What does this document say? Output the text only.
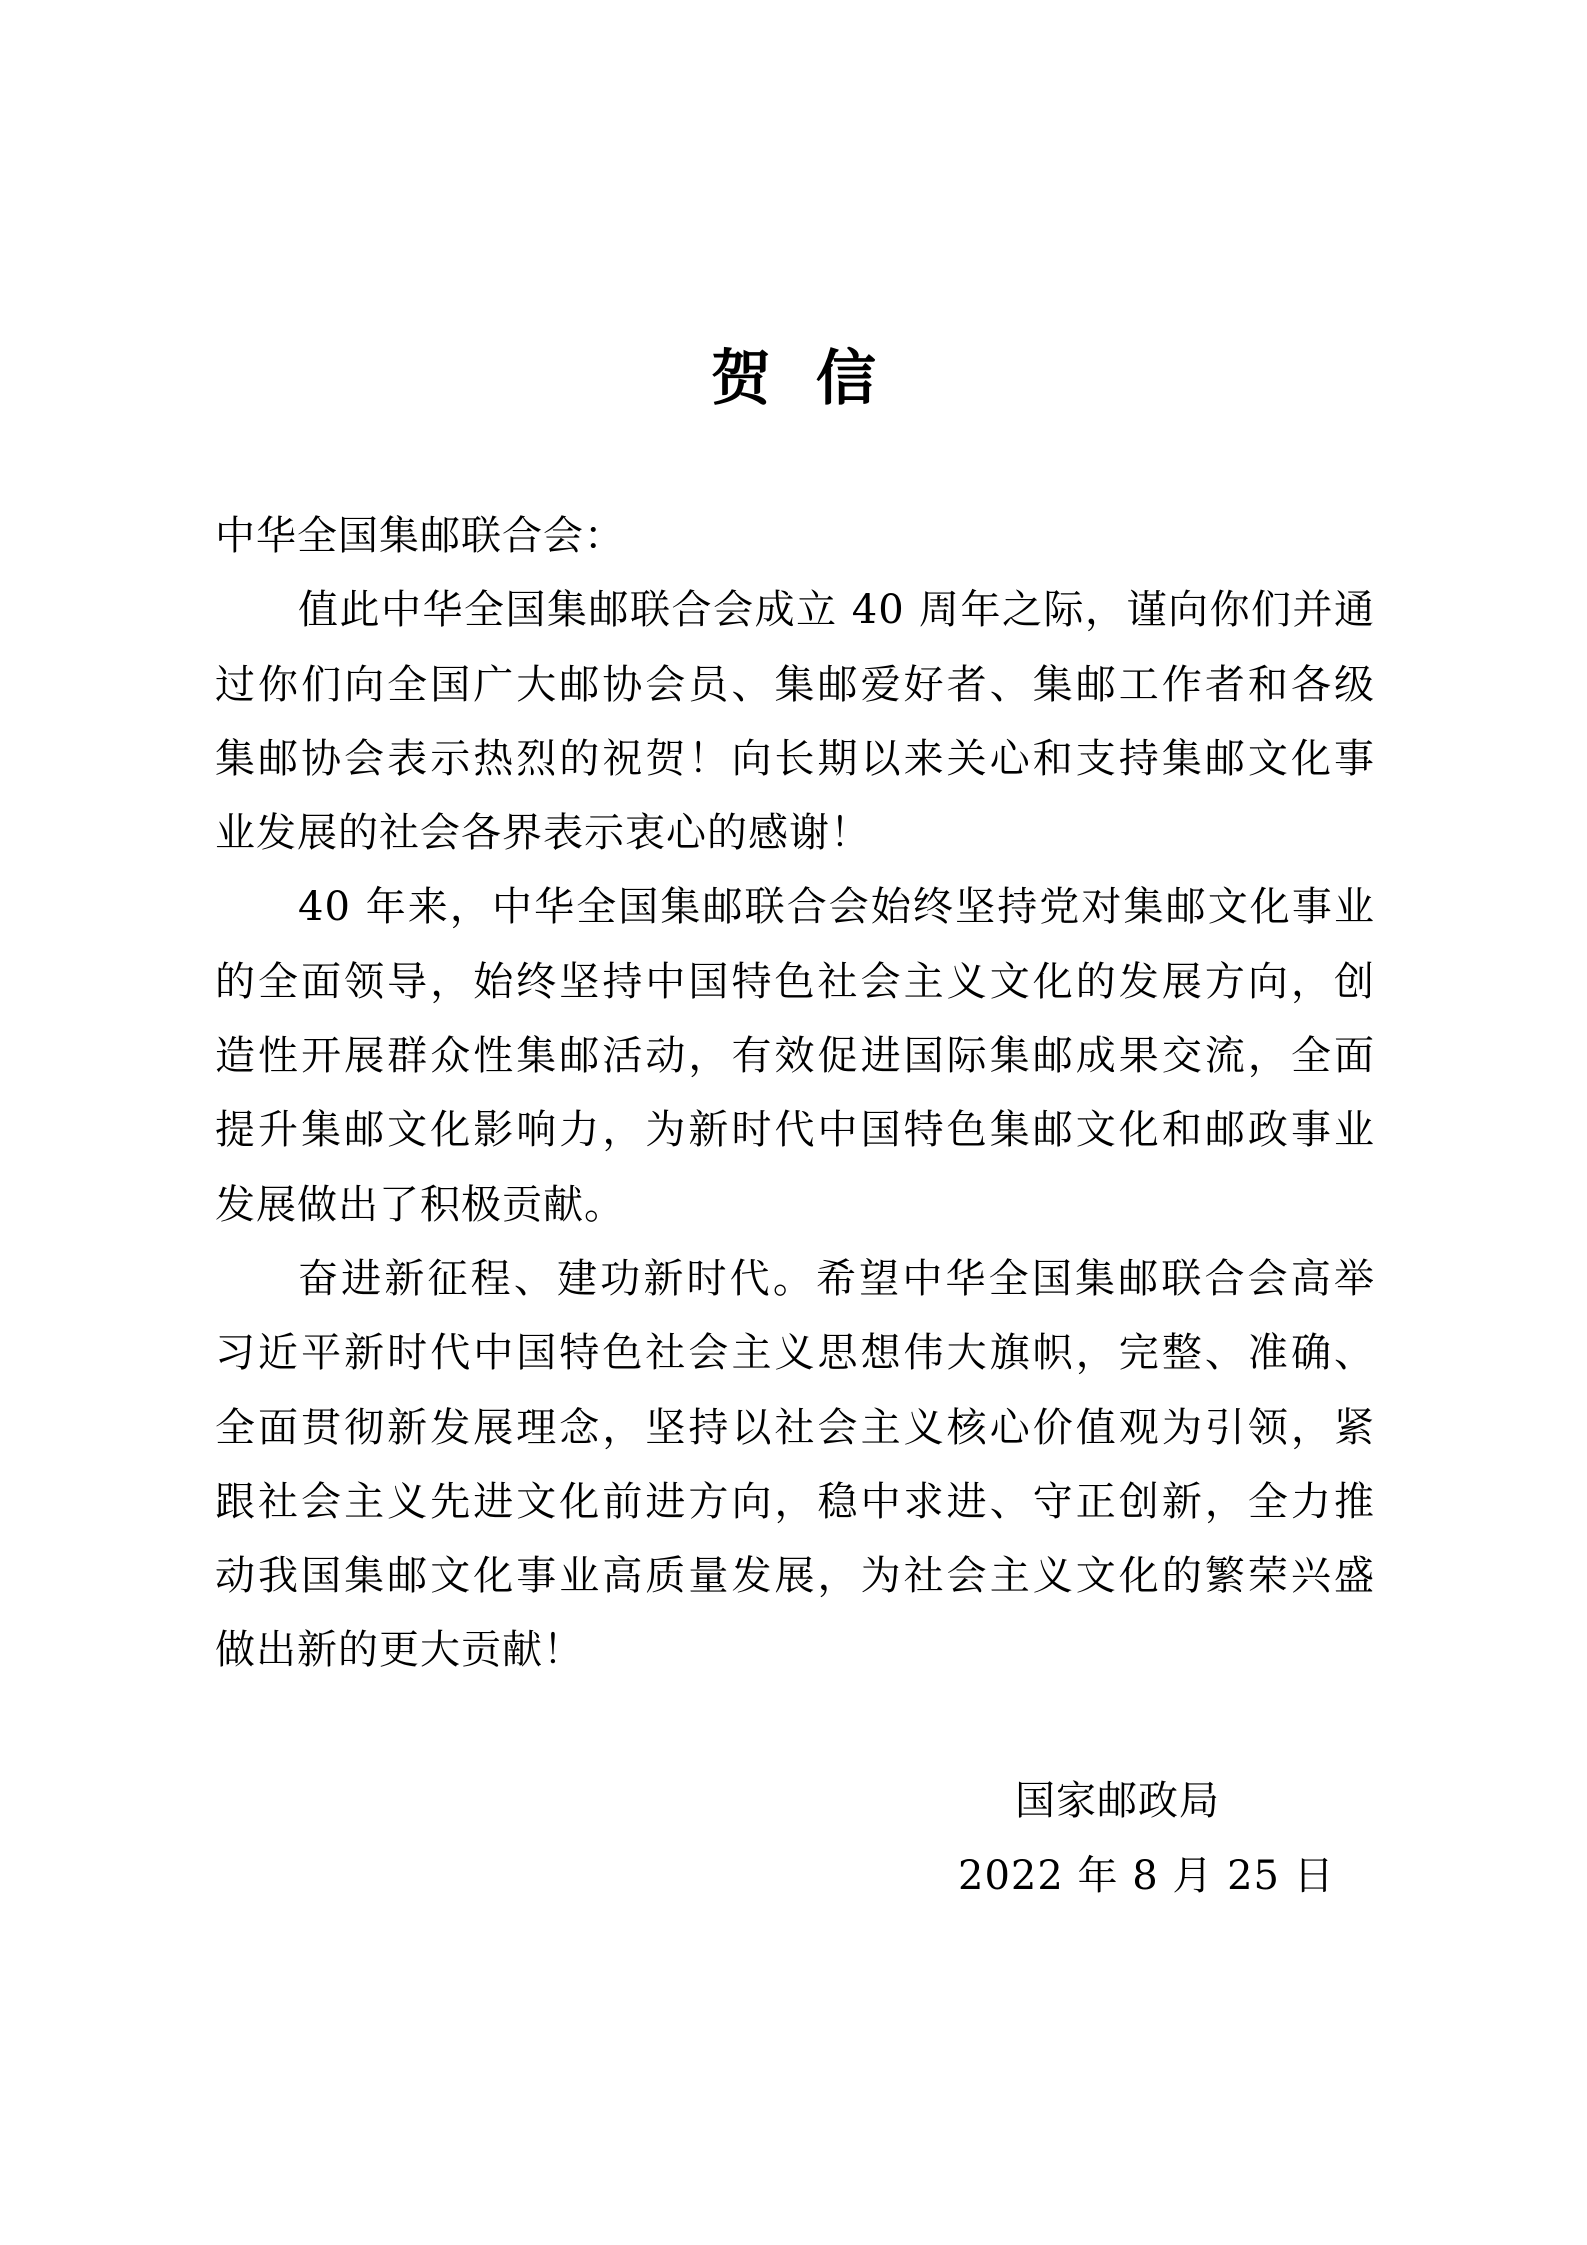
贺 信
中华全国集邮联合会：
值此中华全国集邮联合会成立 40 周年之际，谨向你们并通
过你们向全国广大邮协会员、集邮爱好者、集邮工作者和各级
集邮协会表示热烈的祝贺！向长期以来关心和支持集邮文化事
业发展的社会各界表示衷心的感谢！
40 年来，中华全国集邮联合会始终坚持党对集邮文化事业
的全面领导，始终坚持中国特色社会主义文化的发展方向，创
造性开展群众性集邮活动，有效促进国际集邮成果交流，全面
提升集邮文化影响力，为新时代中国特色集邮文化和邮政事业
发展做出了积极贡献。
奋进新征程、建功新时代。希望中华全国集邮联合会高举
习近平新时代中国特色社会主义思想伟大旗帜，完整、准确、
全面贯彻新发展理念，坚持以社会主义核心价值观为引领，紧
跟社会主义先进文化前进方向，稳中求进、守正创新，全力推
动我国集邮文化事业高质量发展，为社会主义文化的繁荣兴盛
做出新的更大贡献！
国家邮政局
2022 年 8 月 25 日
